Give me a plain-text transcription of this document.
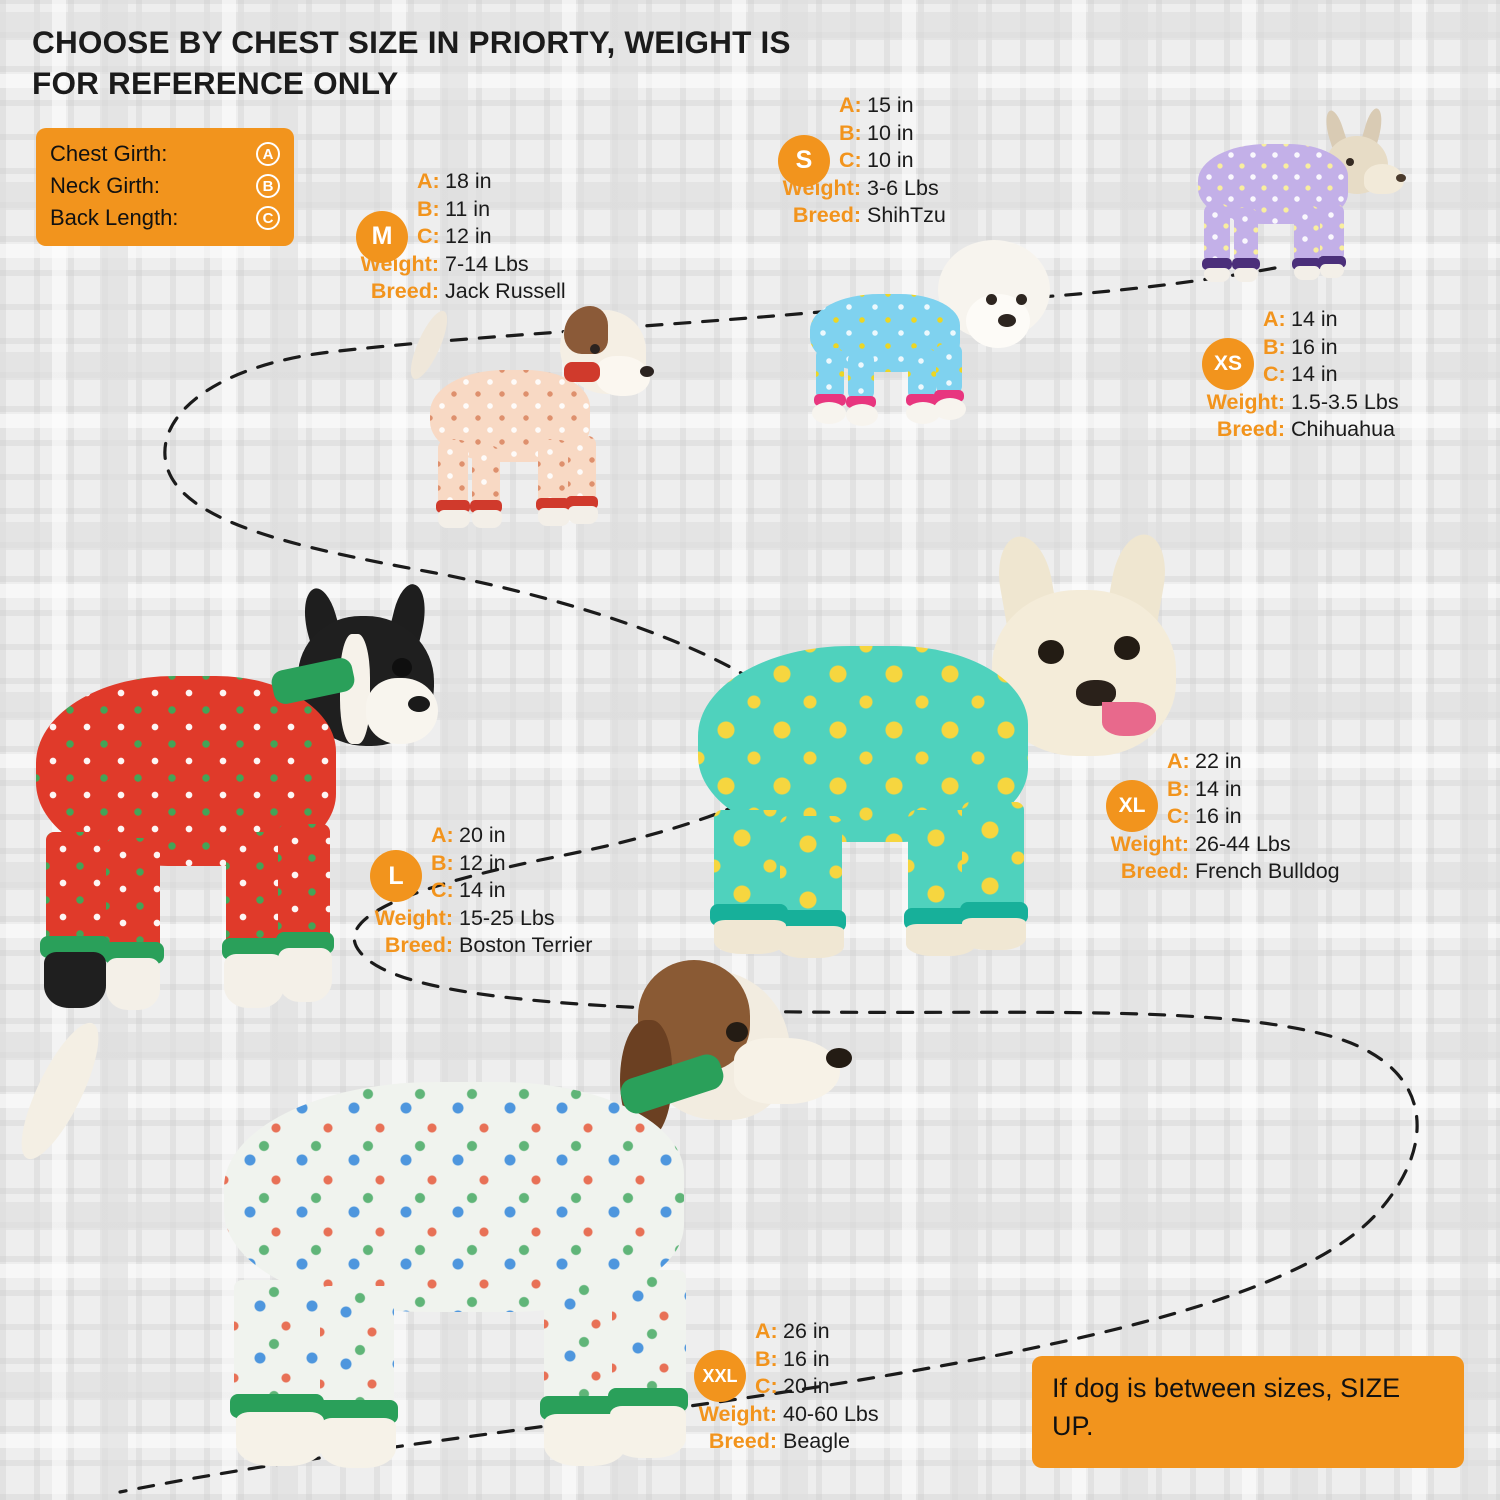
CHOOSE BY CHEST SIZE IN PRIORTY, WEIGHT IS FOR REFERENCE ONLY
Chest Girth:	A
Neck Girth:	B
Back Length:	C
S
A: 15 in
B: 10 in
C: 10 in
Weight: 3-6 Lbs
Breed: ShihTzu
M
A: 18 in
B: 11 in
C: 12 in
Weight: 7-14 Lbs
Breed: Jack Russell
XS
A: 14 in
B: 16 in
C: 14 in
Weight: 1.5-3.5 Lbs
Breed: Chihuahua
XL
A: 22 in
B: 14 in
C: 16 in
Weight: 26-44 Lbs
Breed: French Bulldog
L
A: 20 in
B: 12 in
C: 14 in
Weight: 15-25 Lbs
Breed: Boston Terrier
XXL
A: 26 in
B: 16 in
C: 20 in
Weight: 40-60 Lbs
Breed: Beagle
If dog is between sizes, SIZE UP.
